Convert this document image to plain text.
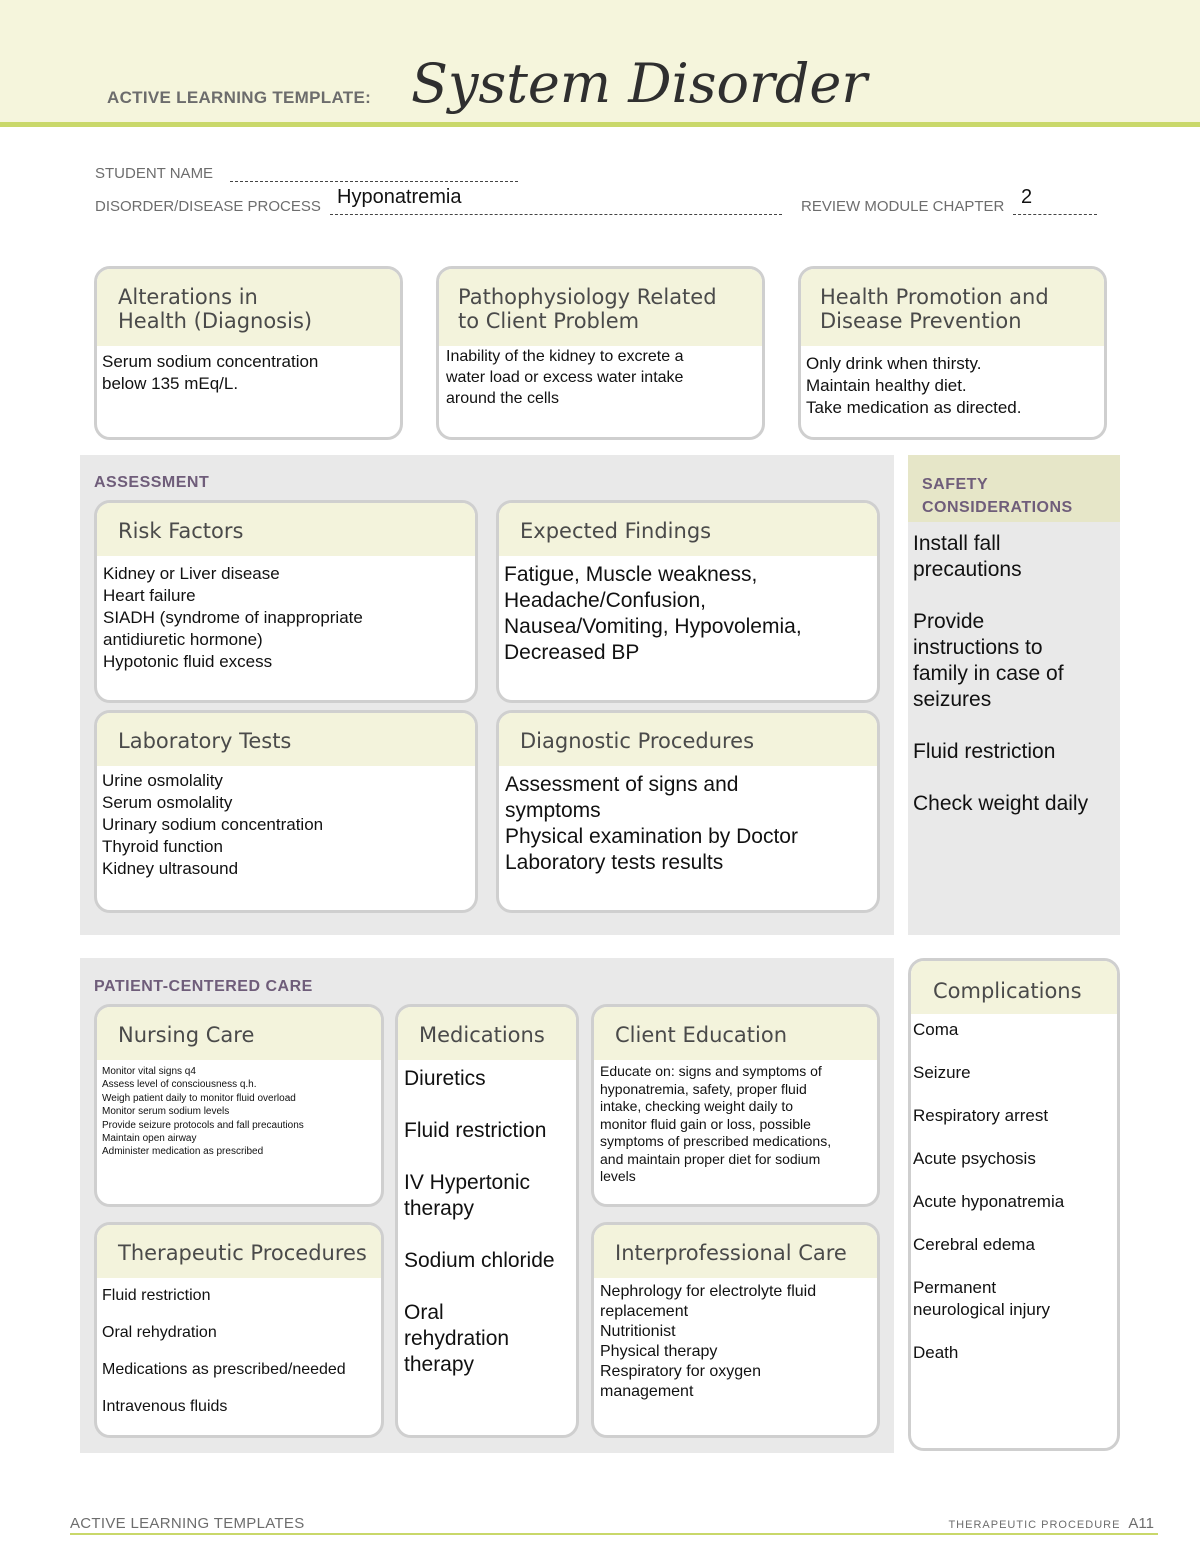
ACTIVE LEARNING TEMPLATE: System Disorder
STUDENT NAME
DISORDER/DISEASE PROCESS Hyponatremia	REVIEW MODULE CHAPTER 2
Alterations in
Health (Diagnosis)
Serum sodium concentration
below 135 mEq/L.
Pathophysiology Related
to Client Problem
Inability of the kidney to excrete a
water load or excess water intake
around the cells
Health Promotion and
Disease Prevention
Only drink when thirsty.
Maintain healthy diet.
Take medication as directed.
ASSESSMENT
Risk Factors
Kidney or Liver disease
Heart failure
SIADH (syndrome of inappropriate
antidiuretic hormone)
Hypotonic fluid excess
Expected Findings
Fatigue, Muscle weakness,
Headache/Confusion,
Nausea/Vomiting, Hypovolemia,
Decreased BP
Laboratory Tests
Urine osmolality
Serum osmolality
Urinary sodium concentration
Thyroid function
Kidney ultrasound
Diagnostic Procedures
Assessment of signs and
symptoms
Physical examination by Doctor
Laboratory tests results
SAFETY
CONSIDERATIONS
Install fall
precautions
Provide
instructions to
family in case of
seizures
Fluid restriction
Check weight daily
PATIENT-CENTERED CARE
Nursing Care
Monitor vital signs q4
Assess level of consciousness q.h.
Weigh patient daily to monitor fluid overload
Monitor serum sodium levels
Provide seizure protocols and fall precautions
Maintain open airway
Administer medication as prescribed
Medications
Diuretics
Fluid restriction
IV Hypertonic
therapy
Sodium chloride
Oral
rehydration
therapy
Client Education
Educate on: signs and symptoms of
hyponatremia, safety, proper fluid
intake, checking weight daily to
monitor fluid gain or loss, possible
symptoms of prescribed medications,
and maintain proper diet for sodium
levels
Therapeutic Procedures
Fluid restriction
Oral rehydration
Medications as prescribed/needed
Intravenous fluids
Interprofessional Care
Nephrology for electrolyte fluid
replacement
Nutritionist
Physical therapy
Respiratory for oxygen
management
Complications
Coma
Seizure
Respiratory arrest
Acute psychosis
Acute hyponatremia
Cerebral edema
Permanent
neurological injury
Death
ACTIVE LEARNING TEMPLATES	THERAPEUTIC PROCEDURE A11
